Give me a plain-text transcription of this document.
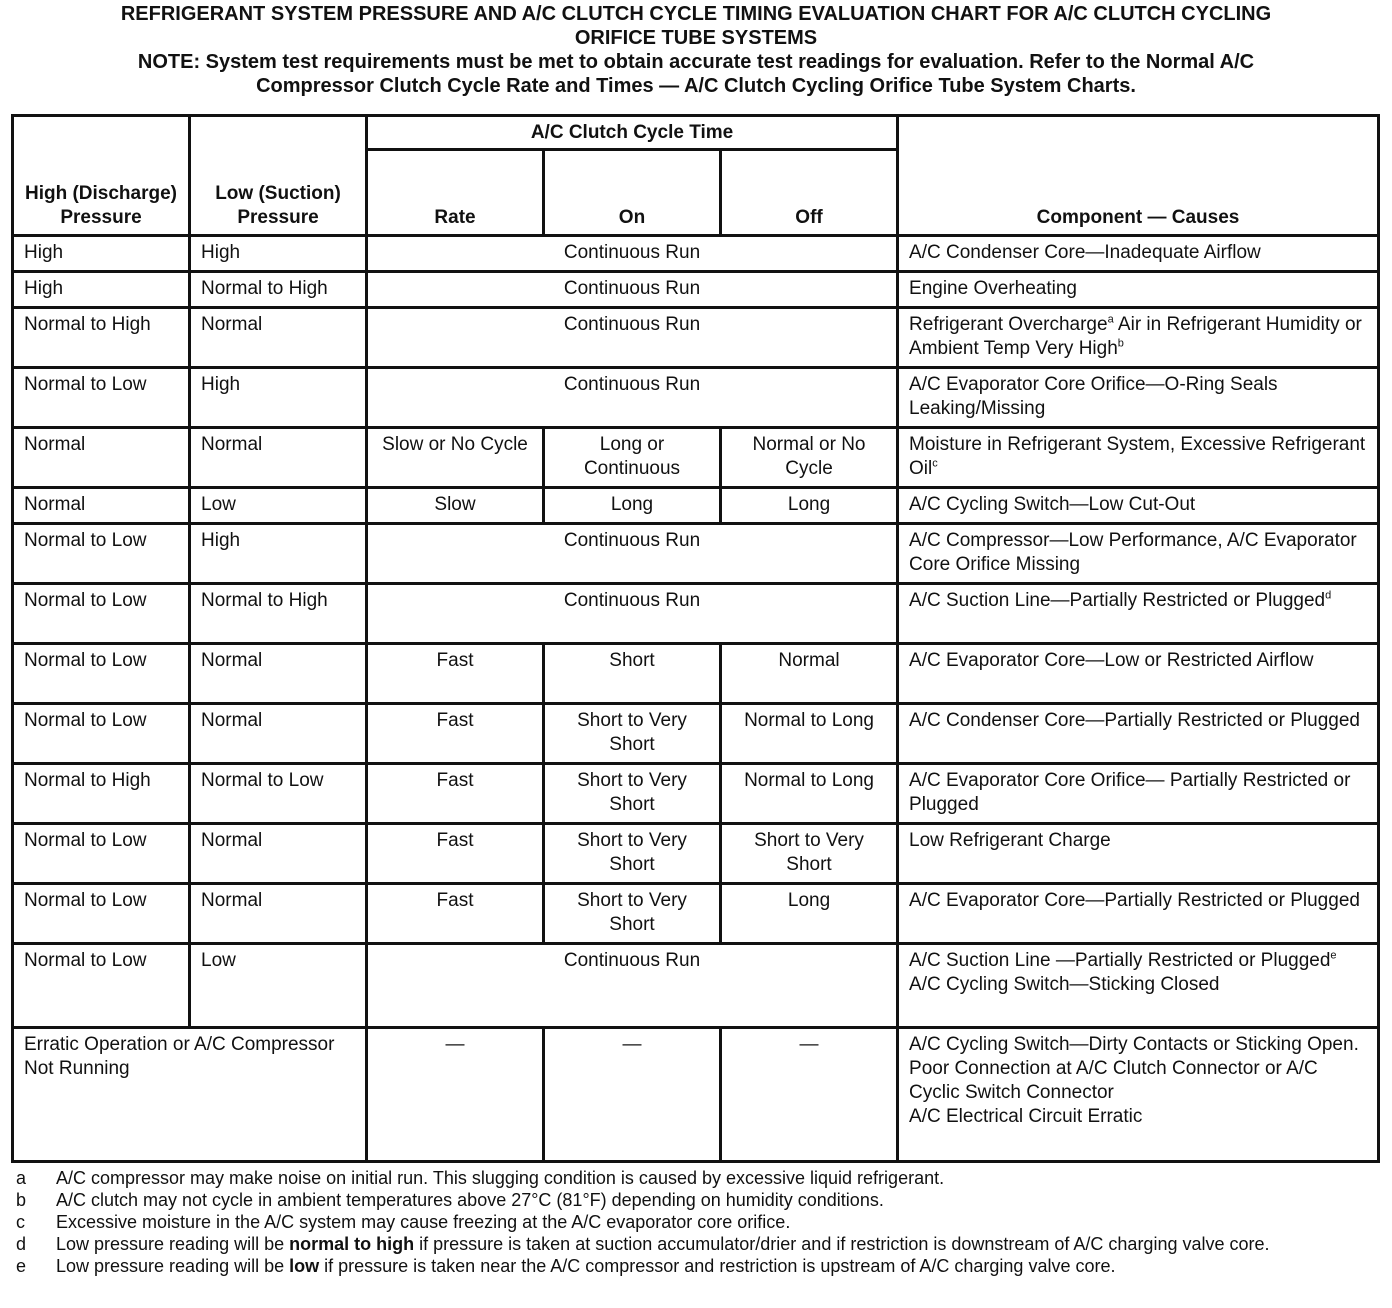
REFRIGERANT SYSTEM PRESSURE AND A/C CLUTCH CYCLE TIMING EVALUATION CHART FOR A/C CLUTCH CYCLING
ORIFICE TUBE SYSTEMS
NOTE: System test requirements must be met to obtain accurate test readings for evaluation. Refer to the Normal A/C
Compressor Clutch Cycle Rate and Times — A/C Clutch Cycling Orifice Tube System Charts.
High (Discharge) Pressure	Low (Suction) Pressure	A/C Clutch Cycle Time			Component — Causes
		Rate	On	Off	
High	High	Continuous Run			A/C Condenser Core—Inadequate Airflow
High	Normal to High	Continuous Run			Engine Overheating
Normal to High	Normal	Continuous Run			Refrigerant Overcharge$^a$ Air in Refrigerant Humidity or Ambient Temp Very High$^b$
Normal to Low	High	Continuous Run			A/C Evaporator Core Orifice—O-Ring Seals Leaking/Missing
Normal	Normal	Slow or No Cycle	Long or Continuous	Normal or No Cycle	Moisture in Refrigerant System, Excessive Refrigerant Oil$^c$
Normal	Low	Slow	Long	Long	A/C Cycling Switch—Low Cut-Out
Normal to Low	High	Continuous Run			A/C Compressor—Low Performance, A/C Evaporator Core Orifice Missing
Normal to Low	Normal to High	Continuous Run			A/C Suction Line—Partially Restricted or Plugged$^d$
Normal to Low	Normal	Fast	Short	Normal	A/C Evaporator Core—Low or Restricted Airflow
Normal to Low	Normal	Fast	Short to Very Short	Normal to Long	A/C Condenser Core—Partially Restricted or Plugged
Normal to High	Normal to Low	Fast	Short to Very Short	Normal to Long	A/C Evaporator Core Orifice— Partially Restricted or Plugged
Normal to Low	Normal	Fast	Short to Very Short	Short to Very Short	Low Refrigerant Charge
Normal to Low	Normal	Fast	Short to Very Short	Long	A/C Evaporator Core—Partially Restricted or Plugged
Normal to Low	Low	Continuous Run			A/C Suction Line —Partially Restricted or Plugged$^e$ A/C Cycling Switch—Sticking Closed
Erratic Operation or A/C Compressor Not Running		—	—	—	A/C Cycling Switch—Dirty Contacts or Sticking Open.
Poor Connection at A/C Clutch Connector or A/C Cyclic Switch Connector
A/C Electrical Circuit Erratic
a	A/C compressor may make noise on initial run. This slugging condition is caused by excessive liquid refrigerant.
b	A/C clutch may not cycle in ambient temperatures above 27°C (81°F) depending on humidity conditions.
c	Excessive moisture in the A/C system may cause freezing at the A/C evaporator core orifice.
d	Low pressure reading will be normal to high if pressure is taken at suction accumulator/drier and if restriction is downstream of A/C charging valve core.
e	Low pressure reading will be low if pressure is taken near the A/C compressor and restriction is upstream of A/C charging valve core.
